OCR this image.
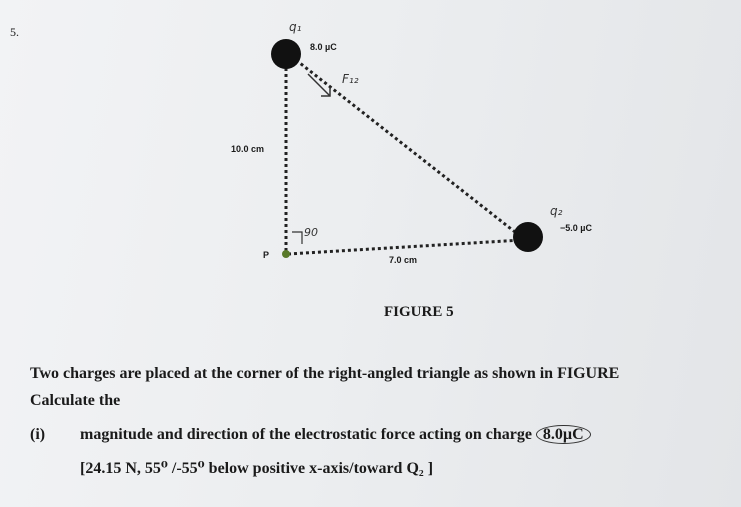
5.	q₁
8.0 µC
F₁₂
10.0 cm
90
P	7.0 cm
q₂
−5.0 µC
FIGURE 5
Two charges are placed at the corner of the right-angled triangle as shown in FIGURE
Calculate the
(i) magnitude and direction of the electrostatic force acting on charge 8.0µC
[24.15 N, 55⁰ /-55⁰ below positive x-axis/toward Q₂ ]
